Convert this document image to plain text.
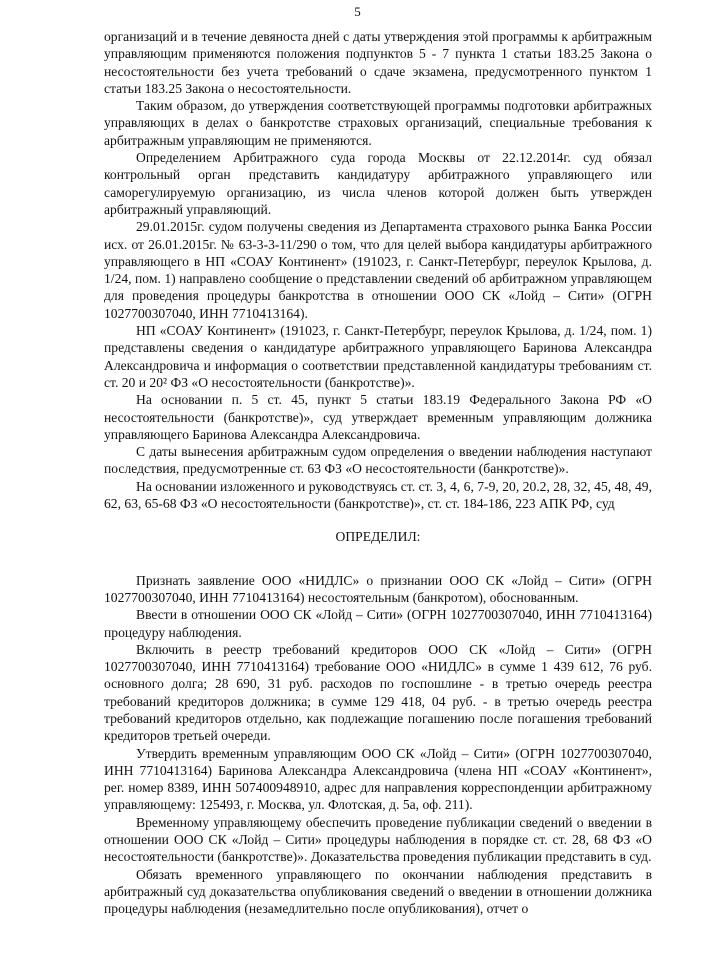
5

организаций и в течение девяноста дней с даты утверждения этой программы к арбитражным управляющим применяются положения подпунктов 5 - 7 пункта 1 статьи 183.25 Закона о несостоятельности без учета требований о сдаче экзамена, предусмотренного пунктом 1 статьи 183.25 Закона о несостоятельности.

Таким образом, до утверждения соответствующей программы подготовки арбитражных управляющих в делах о банкротстве страховых организаций, специальные требования к арбитражным управляющим не применяются.

Определением Арбитражного суда города Москвы от 22.12.2014г. суд обязал контрольный орган представить кандидатуру арбитражного управляющего или саморегулируемую организацию, из числа членов которой должен быть утвержден арбитражный управляющий.

29.01.2015г. судом получены сведения из Департамента страхового рынка Банка России исх. от 26.01.2015г. № 63-3-3-11/290 о том, что для целей выбора кандидатуры арбитражного управляющего в НП «СОАУ Континент» (191023, г. Санкт-Петербург, переулок Крылова, д. 1/24, пом. 1) направлено сообщение о представлении сведений об арбитражном управляющем для проведения процедуры банкротства в отношении ООО СК «Лойд – Сити» (ОГРН 1027700307040, ИНН 7710413164).

НП «СОАУ Континент» (191023, г. Санкт-Петербург, переулок Крылова, д. 1/24, пом. 1) представлены сведения о кандидатуре арбитражного управляющего Баринова Александра Александровича и информация о соответствии представленной кандидатуры требованиям ст. ст. 20 и 20² ФЗ «О несостоятельности (банкротстве)».

На основании п. 5 ст. 45, пункт 5 статьи 183.19 Федерального Закона РФ «О несостоятельности (банкротстве)», суд утверждает временным управляющим должника управляющего Баринова Александра Александровича.

С даты вынесения арбитражным судом определения о введении наблюдения наступают последствия, предусмотренные ст. 63 ФЗ «О несостоятельности (банкротстве)».

На основании изложенного и руководствуясь ст. ст. 3, 4, 6, 7-9, 20, 20.2, 28, 32, 45, 48, 49, 62, 63, 65-68 ФЗ «О несостоятельности (банкротстве)», ст. ст. 184-186, 223 АПК РФ, суд

ОПРЕДЕЛИЛ:

Признать заявление ООО «НИДЛС» о признании ООО СК «Лойд – Сити» (ОГРН 1027700307040, ИНН 7710413164) несостоятельным (банкротом), обоснованным.

Ввести в отношении ООО СК «Лойд – Сити» (ОГРН 1027700307040, ИНН 7710413164) процедуру наблюдения.

Включить в реестр требований кредиторов ООО СК «Лойд – Сити» (ОГРН 1027700307040, ИНН 7710413164) требование ООО «НИДЛС» в сумме 1 439 612, 76 руб. основного долга; 28 690, 31 руб. расходов по госпошлине - в третью очередь реестра требований кредиторов должника; в сумме 129 418, 04 руб. - в третью очередь реестра требований кредиторов отдельно, как подлежащие погашению после погашения требований кредиторов третьей очереди.

Утвердить временным управляющим ООО СК «Лойд – Сити» (ОГРН 1027700307040, ИНН 7710413164) Баринова Александра Александровича (члена НП «СОАУ «Континент», рег. номер 8389, ИНН 507400948910, адрес для направления корреспонденции арбитражному управляющему: 125493, г. Москва, ул. Флотская, д. 5а, оф. 211).

Временному управляющему обеспечить проведение публикации сведений о введении в отношении ООО СК «Лойд – Сити» процедуры наблюдения в порядке ст. ст. 28, 68 ФЗ «О несостоятельности (банкротстве)». Доказательства проведения публикации представить в суд.

Обязать временного управляющего по окончании наблюдения представить в арбитражный суд доказательства опубликования сведений о введении в отношении должника процедуры наблюдения (незамедлительно после опубликования), отчет о
